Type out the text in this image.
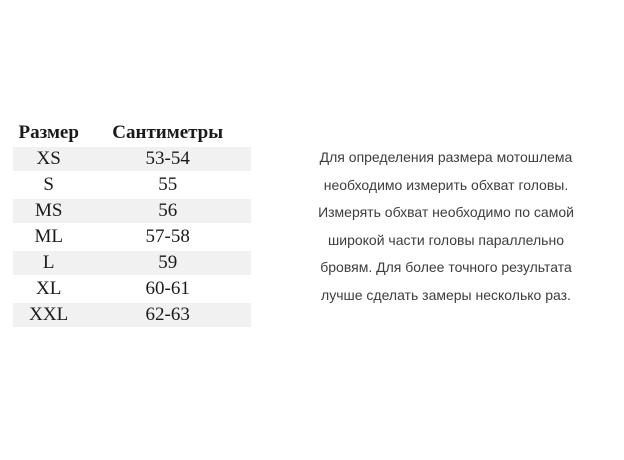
Размер	Сантиметры
XS	53-54
S	55
MS	56
ML	57-58
L	59
XL	60-61
XXL	62-63
Для определения размера мотошлема
необходимо измерить обхват головы.
Измерять обхват необходимо по самой
широкой части головы параллельно
бровям. Для более точного результата
лучше сделать замеры несколько раз.
